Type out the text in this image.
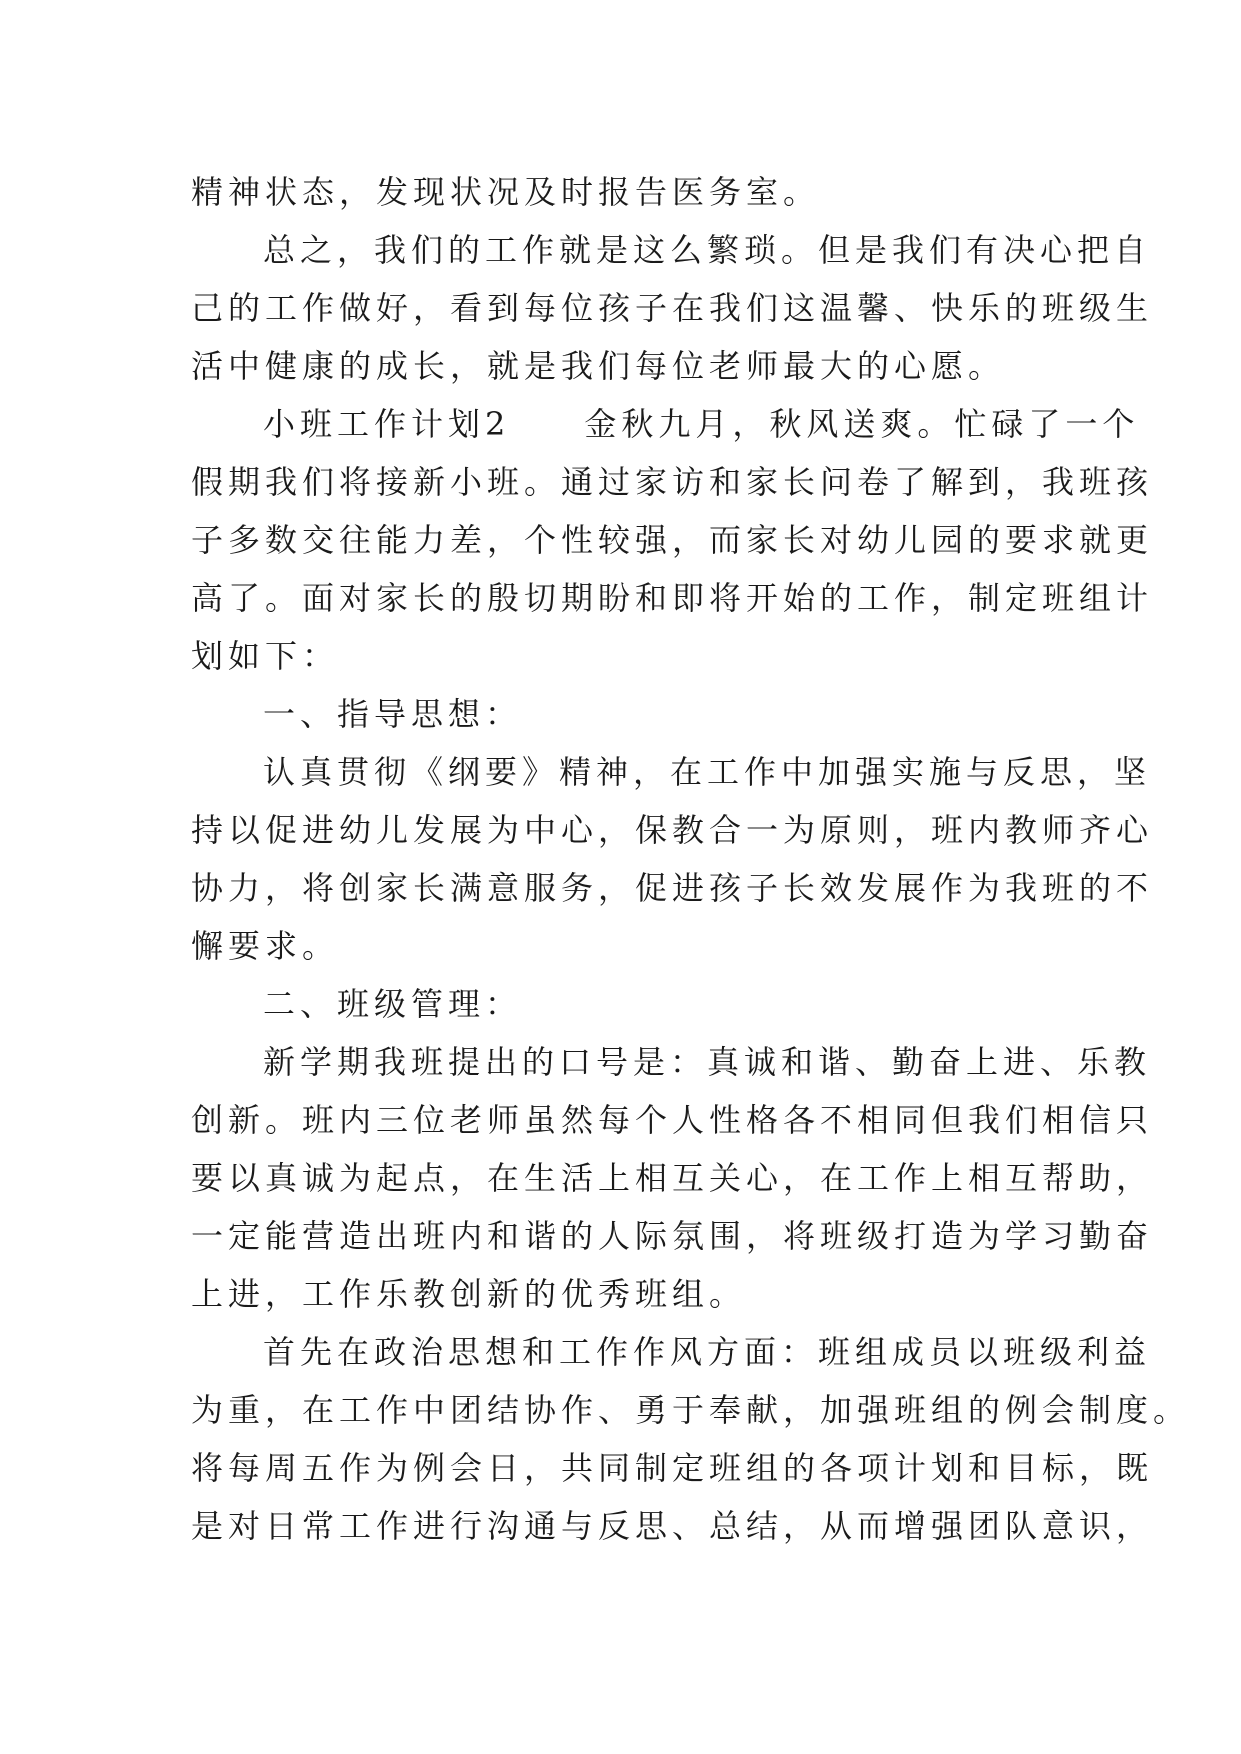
精神状态，发现状况及时报告医务室。
总之，我们的工作就是这么繁琐。但是我们有决心把自
己的工作做好，看到每位孩子在我们这温馨、快乐的班级生
活中健康的成长，就是我们每位老师最大的心愿。
小班工作计划2　　金秋九月，秋风送爽。忙碌了一个
假期我们将接新小班。通过家访和家长问卷了解到，我班孩
子多数交往能力差，个性较强，而家长对幼儿园的要求就更
高了。面对家长的殷切期盼和即将开始的工作，制定班组计
划如下：
一、指导思想：
认真贯彻《纲要》精神，在工作中加强实施与反思，坚
持以促进幼儿发展为中心，保教合一为原则，班内教师齐心
协力，将创家长满意服务，促进孩子长效发展作为我班的不
懈要求。
二、班级管理：
新学期我班提出的口号是：真诚和谐、勤奋上进、乐教
创新。班内三位老师虽然每个人性格各不相同但我们相信只
要以真诚为起点，在生活上相互关心，在工作上相互帮助，
一定能营造出班内和谐的人际氛围，将班级打造为学习勤奋
上进，工作乐教创新的优秀班组。
首先在政治思想和工作作风方面：班组成员以班级利益
为重，在工作中团结协作、勇于奉献，加强班组的例会制度。
将每周五作为例会日，共同制定班组的各项计划和目标，既
是对日常工作进行沟通与反思、总结，从而增强团队意识，
